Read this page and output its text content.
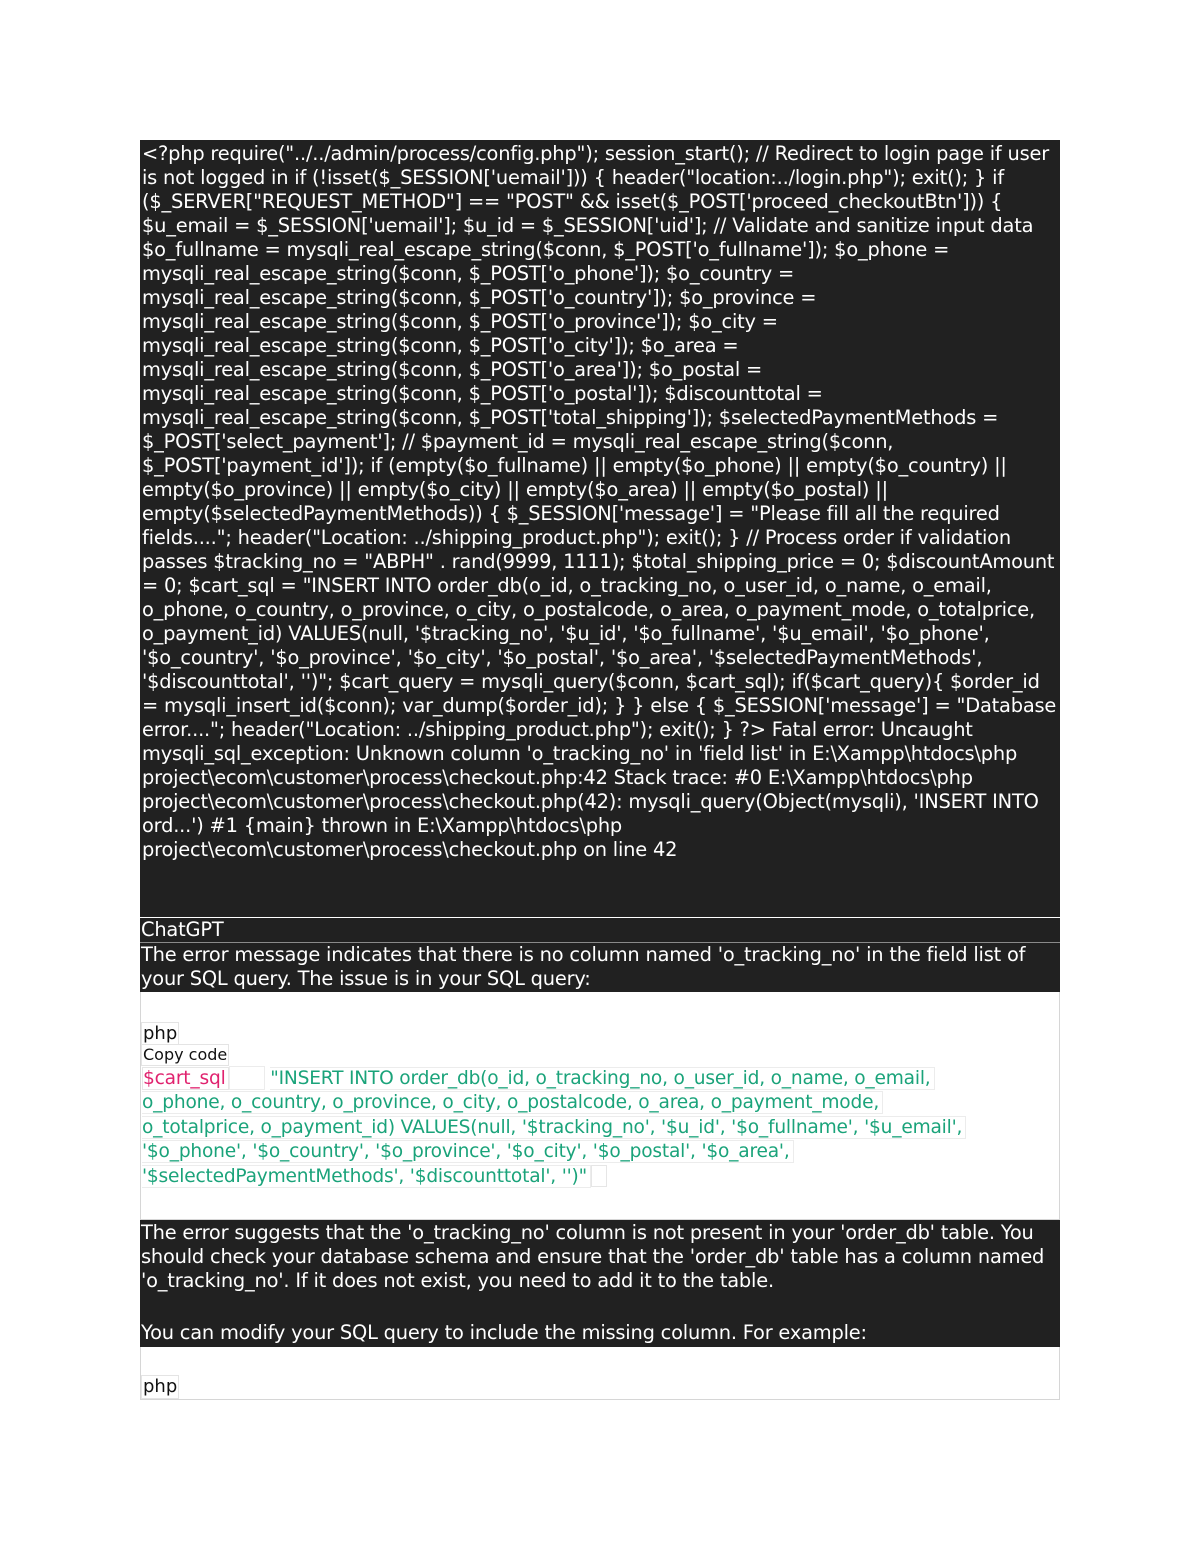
<?php require("../../admin/process/config.php"); session_start(); // Redirect to login page if user is not logged in if (!isset($_SESSION['uemail'])) { header("location:../login.php"); exit(); } if ($_SERVER["REQUEST_METHOD"] == "POST" && isset($_POST['proceed_checkoutBtn'])) { $u_email = $_SESSION['uemail']; $u_id = $_SESSION['uid']; // Validate and sanitize input data $o_fullname = mysqli_real_escape_string($conn, $_POST['o_fullname']); $o_phone = mysqli_real_escape_string($conn, $_POST['o_phone']); $o_country = mysqli_real_escape_string($conn, $_POST['o_country']); $o_province = mysqli_real_escape_string($conn, $_POST['o_province']); $o_city = mysqli_real_escape_string($conn, $_POST['o_city']); $o_area = mysqli_real_escape_string($conn, $_POST['o_area']); $o_postal = mysqli_real_escape_string($conn, $_POST['o_postal']); $discounttotal = mysqli_real_escape_string($conn, $_POST['total_shipping']); $selectedPaymentMethods = $_POST['select_payment']; // $payment_id = mysqli_real_escape_string($conn, $_POST['payment_id']); if (empty($o_fullname) || empty($o_phone) || empty($o_country) || empty($o_province) || empty($o_city) || empty($o_area) || empty($o_postal) || empty($selectedPaymentMethods)) { $_SESSION['message'] = "Please fill all the required fields...."; header("Location: ../shipping_product.php"); exit(); } // Process order if validation passes $tracking_no = "ABPH" . rand(9999, 1111); $total_shipping_price = 0; $discountAmount = 0; $cart_sql = "INSERT INTO order_db(o_id, o_tracking_no, o_user_id, o_name, o_email, o_phone, o_country, o_province, o_city, o_postalcode, o_area, o_payment_mode, o_totalprice, o_payment_id) VALUES(null, '$tracking_no', '$u_id', '$o_fullname', '$u_email', '$o_phone', '$o_country', '$o_province', '$o_city', '$o_postal', '$o_area', '$selectedPaymentMethods', '$discounttotal', '')"; $cart_query = mysqli_query($conn, $cart_sql); if($cart_query){ $order_id = mysqli_insert_id($conn); var_dump($order_id); } } else { $_SESSION['message'] = "Database error...."; header("Location: ../shipping_product.php"); exit(); } ?> Fatal error: Uncaught mysqli_sql_exception: Unknown column 'o_tracking_no' in 'field list' in E:\Xampp\htdocs\php project\ecom\customer\process\checkout.php:42 Stack trace: #0 E:\Xampp\htdocs\php project\ecom\customer\process\checkout.php(42): mysqli_query(Object(mysqli), 'INSERT INTO ord...') #1 {main} thrown in E:\Xampp\htdocs\php project\ecom\customer\process\checkout.php on line 42
ChatGPT
The error message indicates that there is no column named 'o_tracking_no' in the field list of your SQL query. The issue is in your SQL query:
php
Copy code
$cart_sql "INSERT INTO order_db(o_id, o_tracking_no, o_user_id, o_name, o_email,
o_phone, o_country, o_province, o_city, o_postalcode, o_area, o_payment_mode,
o_totalprice, o_payment_id) VALUES(null, '$tracking_no', '$u_id', '$o_fullname', '$u_email',
'$o_phone', '$o_country', '$o_province', '$o_city', '$o_postal', '$o_area',
'$selectedPaymentMethods', '$discounttotal', '')"
The error suggests that the 'o_tracking_no' column is not present in your 'order_db' table. You should check your database schema and ensure that the 'order_db' table has a column named 'o_tracking_no'. If it does not exist, you need to add it to the table.
You can modify your SQL query to include the missing column. For example:
php
